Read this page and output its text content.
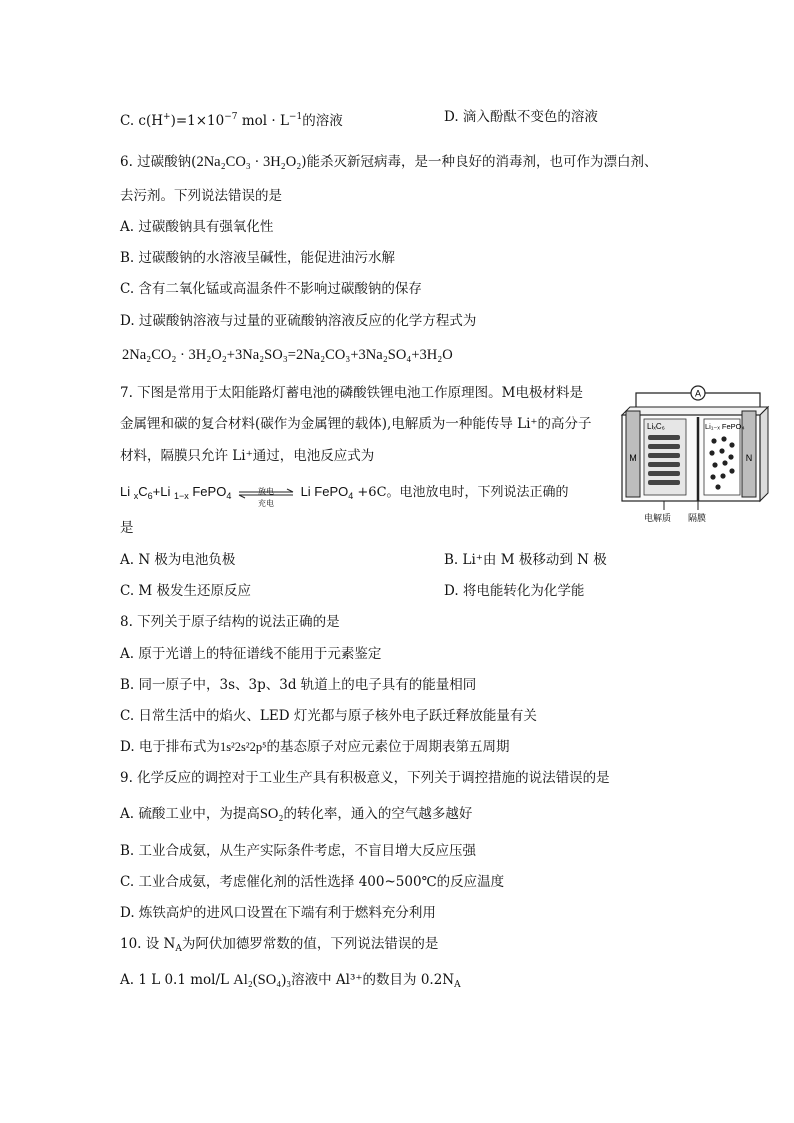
C. $c(H^+)=1\times 10^{-7}$ mol · $L^{-1}$的溶液	D. 滴入酚酞不变色的溶液
6. 过碳酸钠(2Na₂CO₃ · 3H₂O₂)能杀灭新冠病毒，是一种良好的消毒剂，也可作为漂白剂、
去污剂。下列说法错误的是
A. 过碳酸钠具有强氧化性
B. 过碳酸钠的水溶液呈碱性，能促进油污水解
C. 含有二氧化锰或高温条件不影响过碳酸钠的保存
D. 过碳酸钠溶液与过量的亚硫酸钠溶液反应的化学方程式为
2Na₂CO₂ · 3H₂O₂+3Na₂SO₃=2Na₂CO₃+3Na₂SO₄+3H₂O
7. 下图是常用于太阳能路灯蓄电池的磷酸铁锂电池工作原理图。M电极材料是
金属锂和碳的复合材料(碳作为金属锂的载体),电解质为一种能传导 Li⁺的高分子
材料，隔膜只允许 Li⁺通过，电池反应式为
Li $_xC_6+Li$ $_{1-x}$ FePO$_4$	放电
充电
Li FePO$_4$ +6C。电池放电时，下列说法正确的
是
A. N 极为电池负极	B. Li⁺由 M 极移动到 N 极
C. M 极发生还原反应	D. 将电能转化为化学能
A
M	N
LiₓC₆	Li₁₋ₓ FePO₄
电解质 隔膜
8. 下列关于原子结构的说法正确的是
A. 原于光谱上的特征谱线不能用于元素鉴定
B. 同一原子中，3s、3p、3d 轨道上的电子具有的能量相同
C. 日常生活中的焰火、LED 灯光都与原子核外电子跃迁释放能量有关
D. 电于排布式为1s²2s²2p⁵的基态原子对应元素位于周期表第五周期
9. 化学反应的调控对于工业生产具有积极意义，下列关于调控措施的说法错误的是
A. 硫酸工业中，为提高SO₂的转化率，通入的空气越多越好
B. 工业合成氨，从生产实际条件考虑，不盲目增大反应压强
C. 工业合成氨，考虑催化剂的活性选择 400~500℃的反应温度
D. 炼铁高炉的进风口设置在下端有利于燃料充分利用
10. 设 $N_A$为阿伏加德罗常数的值，下列说法错误的是
A. 1 L 0.1 mol/L Al₂(SO₄)₃溶液中 Al³⁺的数目为 $0.2N_A$
